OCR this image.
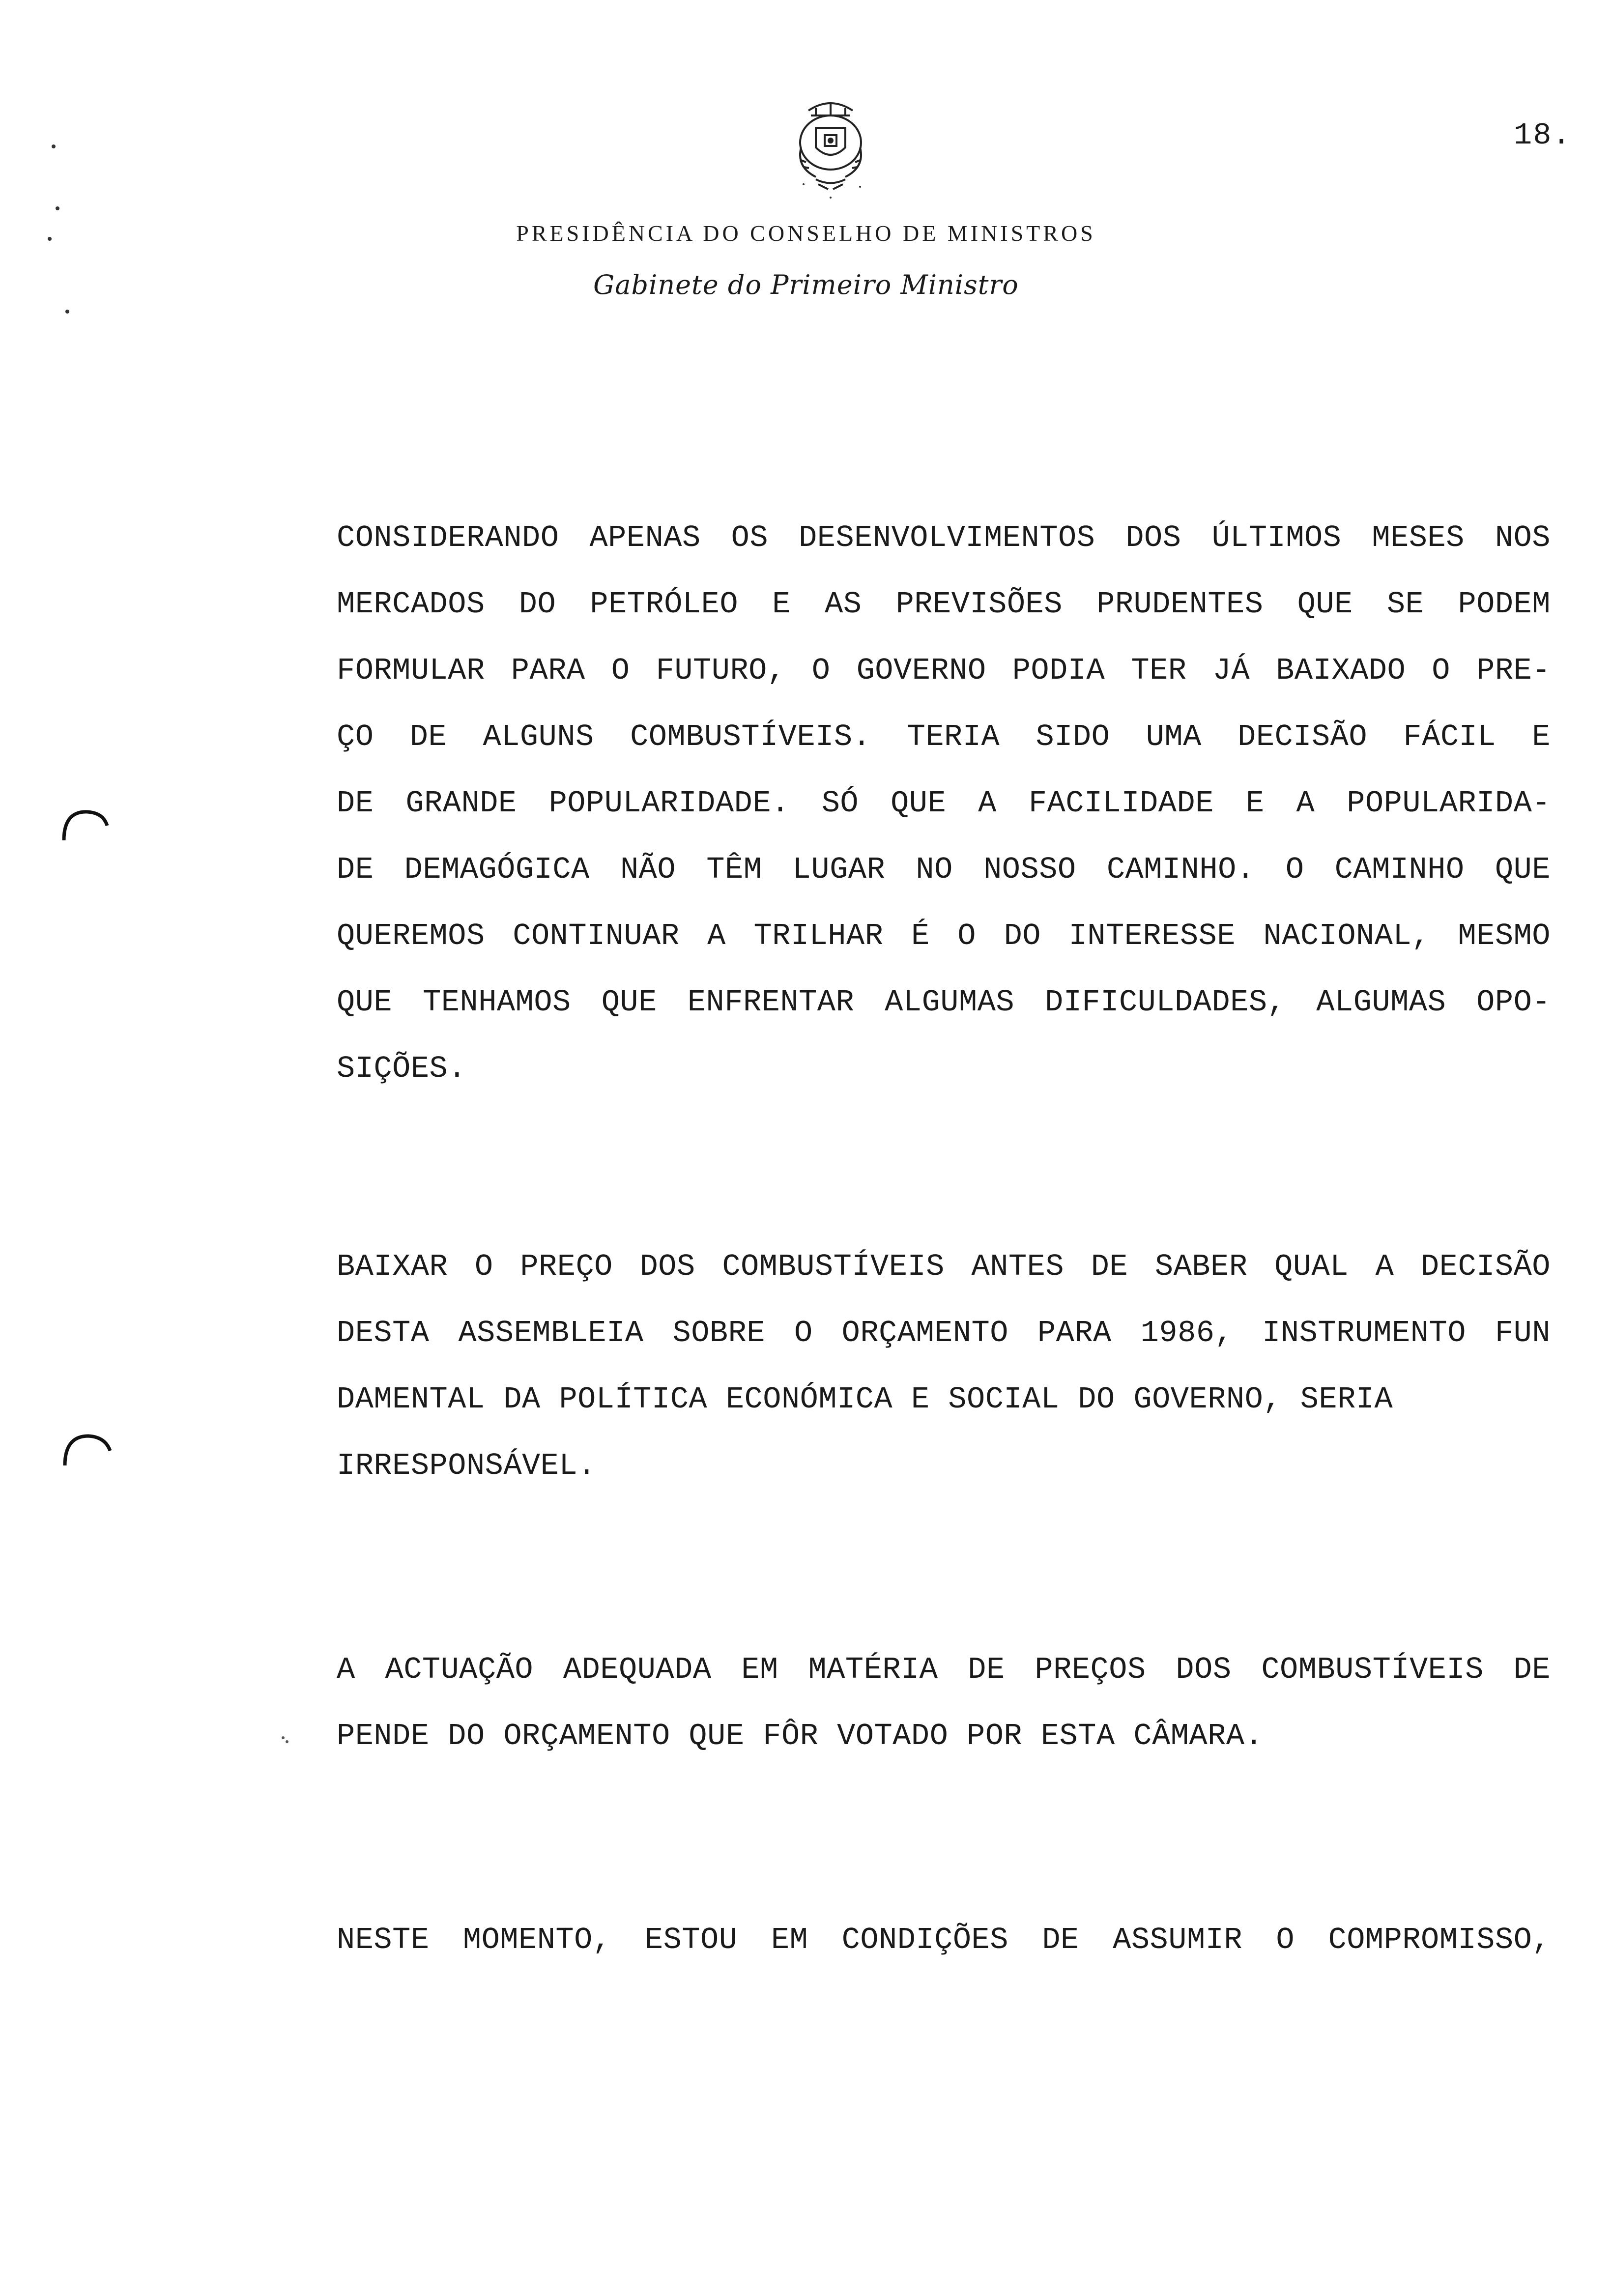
18.
PRESIDÊNCIA DO CONSELHO DE MINISTROS
Gabinete do Primeiro Ministro
CONSIDERANDO APENAS OS DESENVOLVIMENTOS DOS ÚLTIMOS MESES NOS
MERCADOS DO PETRÓLEO E AS PREVISÕES PRUDENTES QUE SE PODEM
FORMULAR PARA O FUTURO, O GOVERNO PODIA TER JÁ BAIXADO O PRE-
ÇO DE ALGUNS COMBUSTÍVEIS. TERIA SIDO UMA DECISÃO FÁCIL E
DE GRANDE POPULARIDADE. SÓ QUE A FACILIDADE E A POPULARIDA-
DE DEMAGÓGICA NÃO TÊM LUGAR NO NOSSO CAMINHO. O CAMINHO QUE
QUEREMOS CONTINUAR A TRILHAR É O DO INTERESSE NACIONAL, MESMO
QUE TENHAMOS QUE ENFRENTAR ALGUMAS DIFICULDADES, ALGUMAS OPO-
SIÇÕES.
BAIXAR O PREÇO DOS COMBUSTÍVEIS ANTES DE SABER QUAL A DECISÃO
DESTA ASSEMBLEIA SOBRE O ORÇAMENTO PARA 1986, INSTRUMENTO FUN
DAMENTAL DA POLÍTICA ECONÓMICA E SOCIAL DO GOVERNO, SERIA
IRRESPONSÁVEL.
A ACTUAÇÃO ADEQUADA EM MATÉRIA DE PREÇOS DOS COMBUSTÍVEIS DE
PENDE DO ORÇAMENTO QUE FÔR VOTADO POR ESTA CÂMARA.
NESTE MOMENTO, ESTOU EM CONDIÇÕES DE ASSUMIR O COMPROMISSO,
